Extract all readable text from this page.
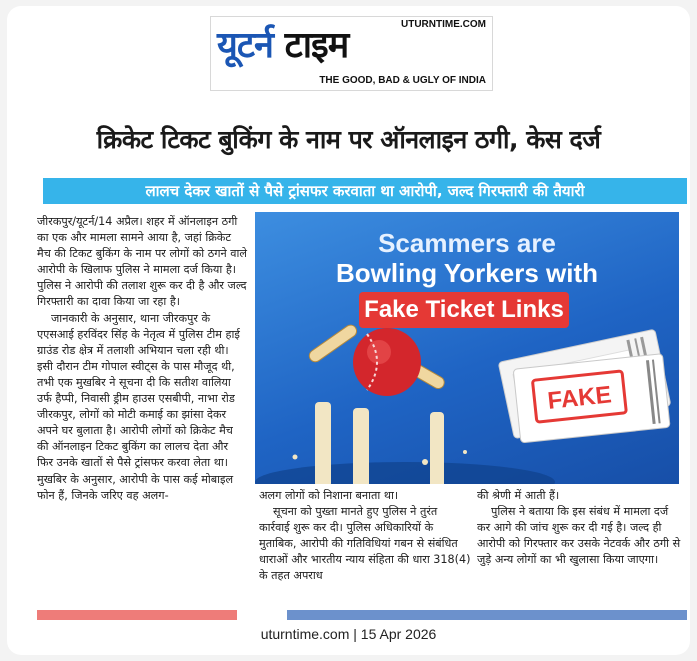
यूटर्न टाइम
UTURNTIME.COM
THE GOOD, BAD & UGLY OF INDIA
क्रिकेट टिकट बुकिंग के नाम पर ऑनलाइन ठगी, केस दर्ज
लालच देकर खातों से पैसे ट्रांसफर करवाता था आरोपी, जल्द गिरफ्तारी की तैयारी

जीरकपुर/यूटर्न/14 अप्रैल। शहर में ऑनलाइन ठगी का एक और मामला सामने आया है, जहां क्रिकेट मैच की टिकट बुकिंग के नाम पर लोगों को ठगने वाले आरोपी के खिलाफ पुलिस ने मामला दर्ज किया है। पुलिस ने आरोपी की तलाश शुरू कर दी है और जल्द गिरफ्तारी का दावा किया जा रहा है।

जानकारी के अनुसार, थाना जीरकपुर के एएसआई हरविंदर सिंह के नेतृत्व में पुलिस टीम हाई ग्राउंड रोड क्षेत्र में तलाशी अभियान चला रही थी। इसी दौरान टीम गोपाल स्वीट्स के पास मौजूद थी, तभी एक मुखबिर ने सूचना दी कि सतीश वालिया उर्फ हैप्पी, निवासी ड्रीम हाउस एसबीपी, नाभा रोड जीरकपुर, लोगों को मोटी कमाई का झांसा देकर अपने घर बुलाता है। आरोपी लोगों को क्रिकेट मैच की ऑनलाइन टिकट बुकिंग का लालच देता और फिर उनके खातों से पैसे ट्रांसफर करवा लेता था। मुखबिर के अनुसार, आरोपी के पास कई मोबाइल फोन हैं, जिनके जरिए वह अलग-

FAKE
Scammers are
Bowling Yorkers with
Fake Ticket Links

अलग लोगों को निशाना बनाता था।

सूचना को पुख्ता मानते हुए पुलिस ने तुरंत कार्रवाई शुरू कर दी। पुलिस अधिकारियों के मुताबिक, आरोपी की गतिविधियां गबन से संबंधित धाराओं और भारतीय न्याय संहिता की धारा 318(4) के तहत अपराध

की श्रेणी में आती हैं।

पुलिस ने बताया कि इस संबंध में मामला दर्ज कर आगे की जांच शुरू कर दी गई है। जल्द ही आरोपी को गिरफ्तार कर उसके नेटवर्क और ठगी से जुड़े अन्य लोगों का भी खुलासा किया जाएगा।

uturntime.com | 15 Apr 2026
